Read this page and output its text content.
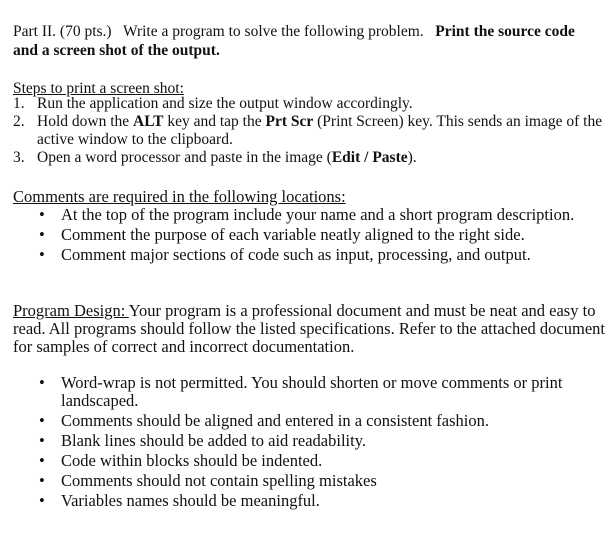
Part II. (70 pts.) Write a program to solve the following problem. Print the source code and a screen shot of the output.
Steps to print a screen shot:
1. Run the application and size the output window accordingly.
2. Hold down the ALT key and tap the Prt Scr (Print Screen) key. This sends an image of the active window to the clipboard.
3. Open a word processor and paste in the image (Edit / Paste).
Comments are required in the following locations:
• At the top of the program include your name and a short program description.
• Comment the purpose of each variable neatly aligned to the right side.
• Comment major sections of code such as input, processing, and output.
Program Design: Your program is a professional document and must be neat and easy to read. All programs should follow the listed specifications. Refer to the attached document for samples of correct and incorrect documentation.
• Word-wrap is not permitted. You should shorten or move comments or print landscaped.
• Comments should be aligned and entered in a consistent fashion.
• Blank lines should be added to aid readability.
• Code within blocks should be indented.
• Comments should not contain spelling mistakes
• Variables names should be meaningful.
